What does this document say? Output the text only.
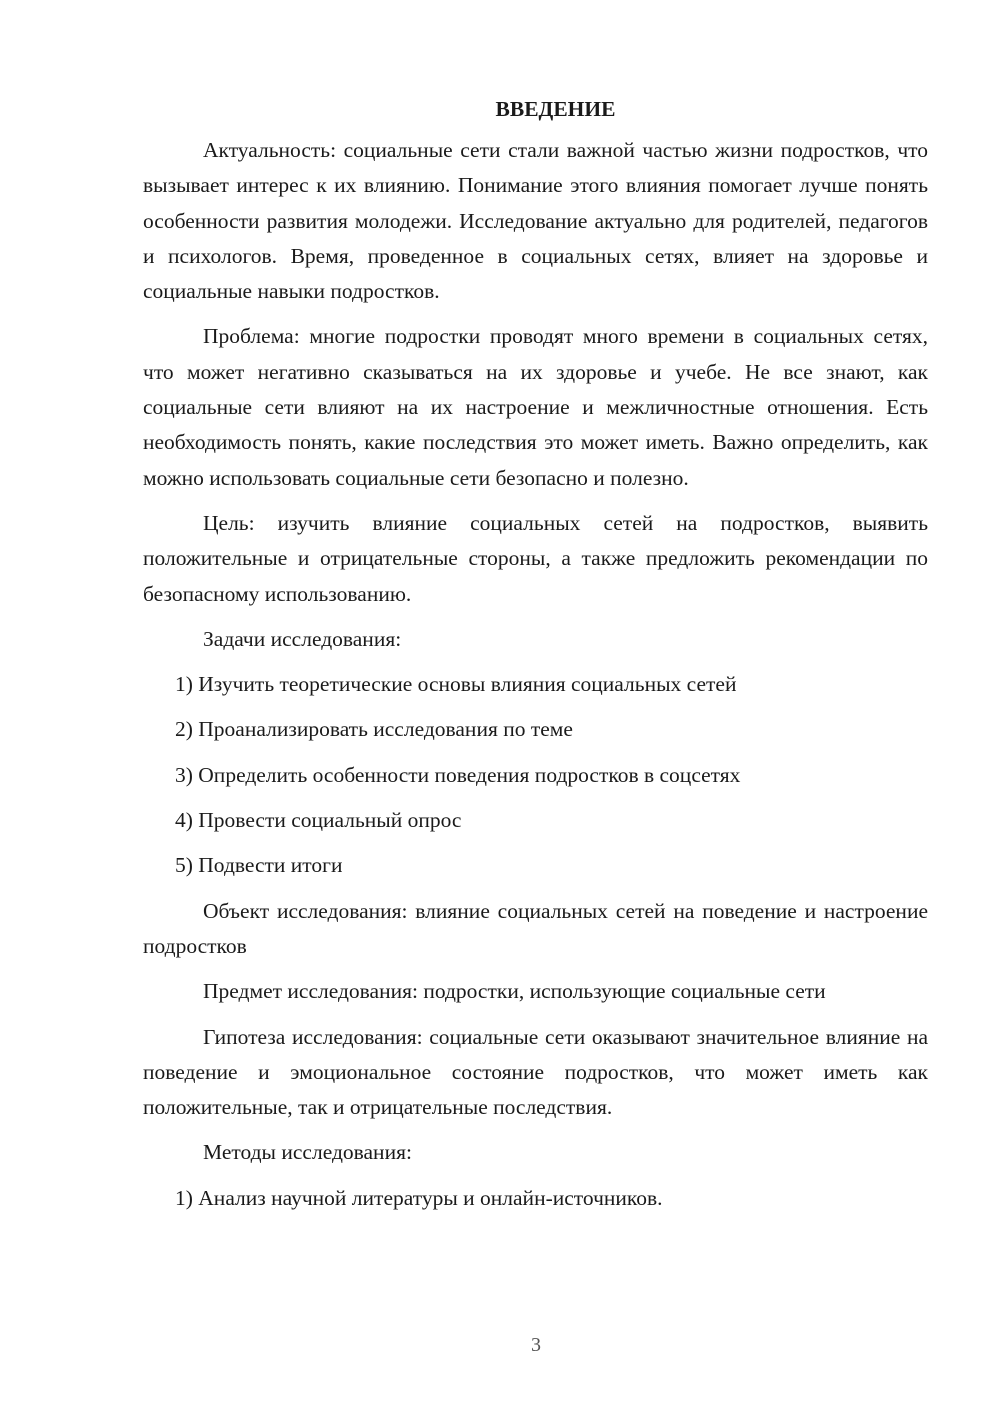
ВВЕДЕНИЕ

Актуальность: социальные сети стали важной частью жизни подростков, что вызывает интерес к их влиянию. Понимание этого влияния помогает лучше понять особенности развития молодежи. Исследование актуально для родителей, педагогов и психологов. Время, проведенное в социальных сетях, влияет на здоровье и социальные навыки подростков.

Проблема: многие подростки проводят много времени в социальных сетях, что может негативно сказываться на их здоровье и учебе. Не все знают, как социальные сети влияют на их настроение и межличностные отношения. Есть необходимость понять, какие последствия это может иметь. Важно определить, как можно использовать социальные сети безопасно и полезно.

Цель: изучить влияние социальных сетей на подростков, выявить положительные и отрицательные стороны, а также предложить рекомендации по безопасному использованию.

Задачи исследования:
1) Изучить теоретические основы влияния социальных сетей
2) Проанализировать исследования по теме
3) Определить особенности поведения подростков в соцсетях
4) Провести социальный опрос
5) Подвести итоги

Объект исследования: влияние социальных сетей на поведение и настроение подростков

Предмет исследования: подростки, использующие социальные сети

Гипотеза исследования: социальные сети оказывают значительное влияние на поведение и эмоциональное состояние подростков, что может иметь как положительные, так и отрицательные последствия.

Методы исследования:
1) Анализ научной литературы и онлайн-источников.
3
